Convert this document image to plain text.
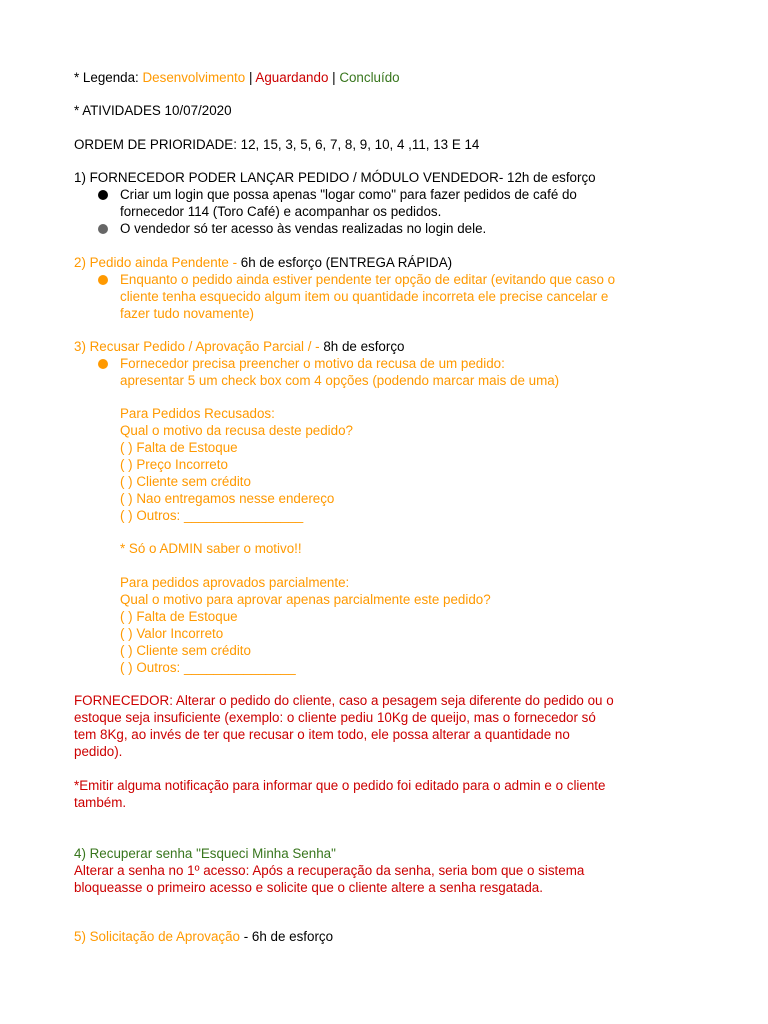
* Legenda: Desenvolvimento | Aguardando | Concluído
* ATIVIDADES 10/07/2020
ORDEM DE PRIORIDADE: 12, 15, 3, 5, 6, 7, 8, 9, 10, 4 ,11, 13 E 14
1) FORNECEDOR PODER LANÇAR PEDIDO / MÓDULO VENDEDOR- 12h de esforço
Criar um login que possa apenas "logar como" para fazer pedidos de café do
fornecedor 114 (Toro Café) e acompanhar os pedidos.
O vendedor só ter acesso às vendas realizadas no login dele.
2) Pedido ainda Pendente - 6h de esforço (ENTREGA RÁPIDA)
Enquanto o pedido ainda estiver pendente ter opção de editar (evitando que caso o
cliente tenha esquecido algum item ou quantidade incorreta ele precise cancelar e
fazer tudo novamente)
3) Recusar Pedido / Aprovação Parcial / - 8h de esforço
Fornecedor precisa preencher o motivo da recusa de um pedido:
apresentar 5 um check box com 4 opções (podendo marcar mais de uma)
Para Pedidos Recusados:
Qual o motivo da recusa deste pedido?
( ) Falta de Estoque
( ) Preço Incorreto
( ) Cliente sem crédito
( ) Nao entregamos nesse endereço
( ) Outros: ________________
* Só o ADMIN saber o motivo!!
Para pedidos aprovados parcialmente:
Qual o motivo para aprovar apenas parcialmente este pedido?
( ) Falta de Estoque
( ) Valor Incorreto
( ) Cliente sem crédito
( ) Outros: _______________
FORNECEDOR: Alterar o pedido do cliente, caso a pesagem seja diferente do pedido ou o
estoque seja insuficiente (exemplo: o cliente pediu 10Kg de queijo, mas o fornecedor só
tem 8Kg, ao invés de ter que recusar o item todo, ele possa alterar a quantidade no
pedido).
*Emitir alguma notificação para informar que o pedido foi editado para o admin e o cliente
também.
4) Recuperar senha "Esqueci Minha Senha"
Alterar a senha no 1º acesso: Após a recuperação da senha, seria bom que o sistema
bloqueasse o primeiro acesso e solicite que o cliente altere a senha resgatada.
5) Solicitação de Aprovação - 6h de esforço
